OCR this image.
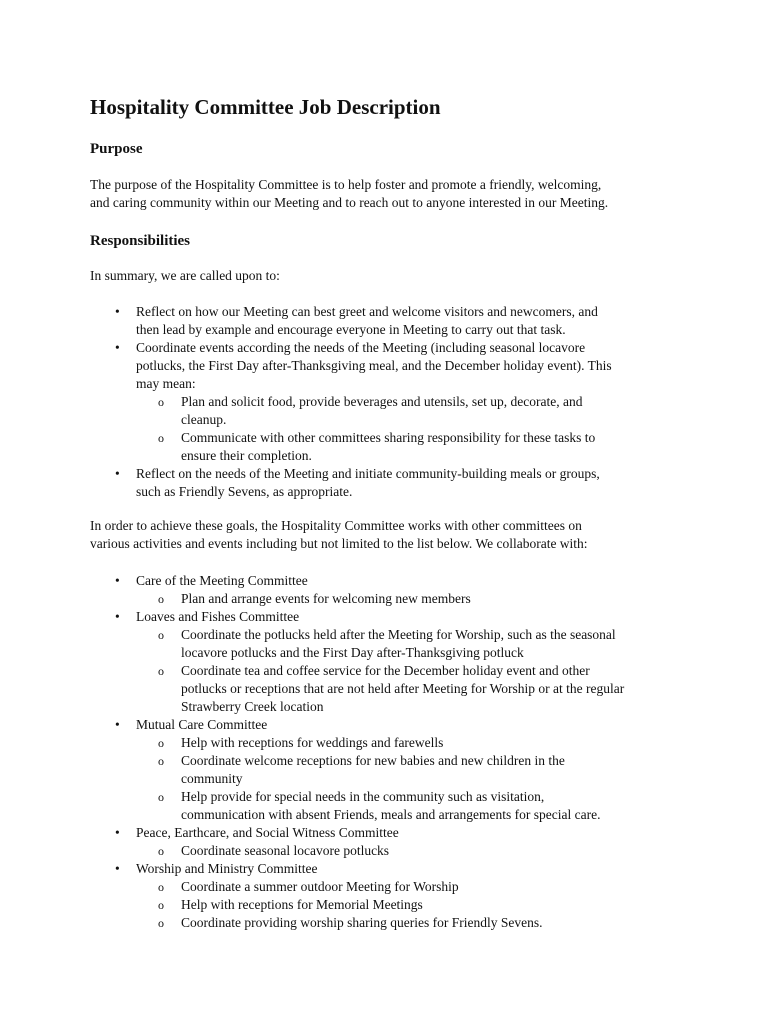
Hospitality Committee Job Description
Purpose

The purpose of the Hospitality Committee is to help foster and promote a friendly, welcoming,
and caring community within our Meeting and to reach out to anyone interested in our Meeting.

Responsibilities

In summary, we are called upon to:

• Reflect on how our Meeting can best greet and welcome visitors and newcomers, and
then lead by example and encourage everyone in Meeting to carry out that task.
• Coordinate events according the needs of the Meeting (including seasonal locavore
potlucks, the First Day after-Thanksgiving meal, and the December holiday event). This
may mean:
o Plan and solicit food, provide beverages and utensils, set up, decorate, and
cleanup.
o Communicate with other committees sharing responsibility for these tasks to
ensure their completion.
• Reflect on the needs of the Meeting and initiate community-building meals or groups,
such as Friendly Sevens, as appropriate.

In order to achieve these goals, the Hospitality Committee works with other committees on
various activities and events including but not limited to the list below. We collaborate with:

• Care of the Meeting Committee
o Plan and arrange events for welcoming new members
• Loaves and Fishes Committee
o Coordinate the potlucks held after the Meeting for Worship, such as the seasonal
locavore potlucks and the First Day after-Thanksgiving potluck
o Coordinate tea and coffee service for the December holiday event and other
potlucks or receptions that are not held after Meeting for Worship or at the regular
Strawberry Creek location
• Mutual Care Committee
o Help with receptions for weddings and farewells
o Coordinate welcome receptions for new babies and new children in the
community
o Help provide for special needs in the community such as visitation,
communication with absent Friends, meals and arrangements for special care.
• Peace, Earthcare, and Social Witness Committee
o Coordinate seasonal locavore potlucks
• Worship and Ministry Committee
o Coordinate a summer outdoor Meeting for Worship
o Help with receptions for Memorial Meetings
o Coordinate providing worship sharing queries for Friendly Sevens.
